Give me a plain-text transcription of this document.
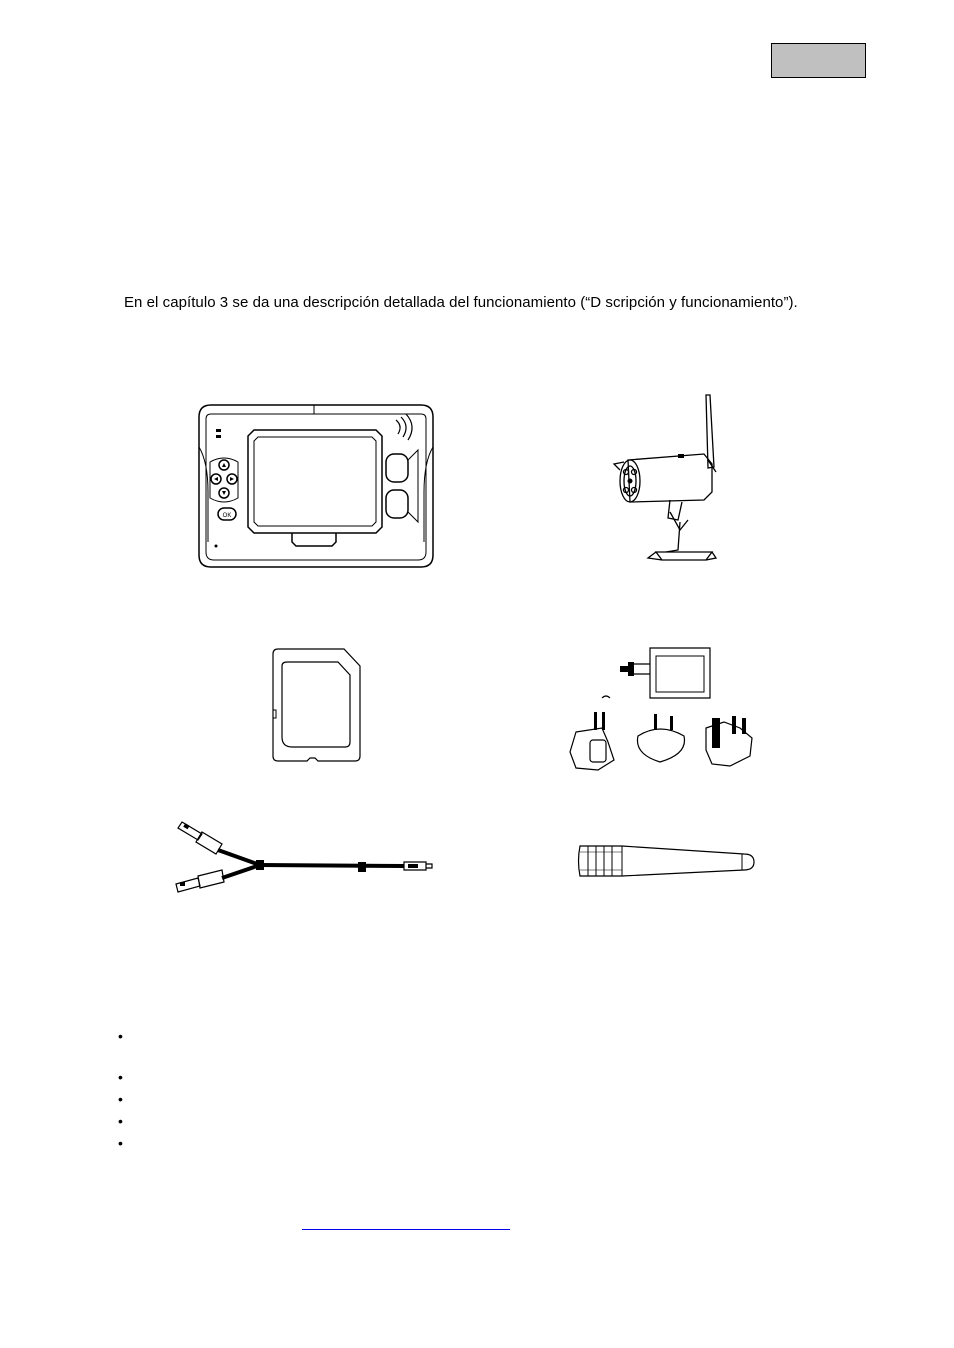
En el capítulo 3 se da una descripción detallada del funcionamiento (“D scripción y funcionamiento”).
OK
•
•
•
•
•
